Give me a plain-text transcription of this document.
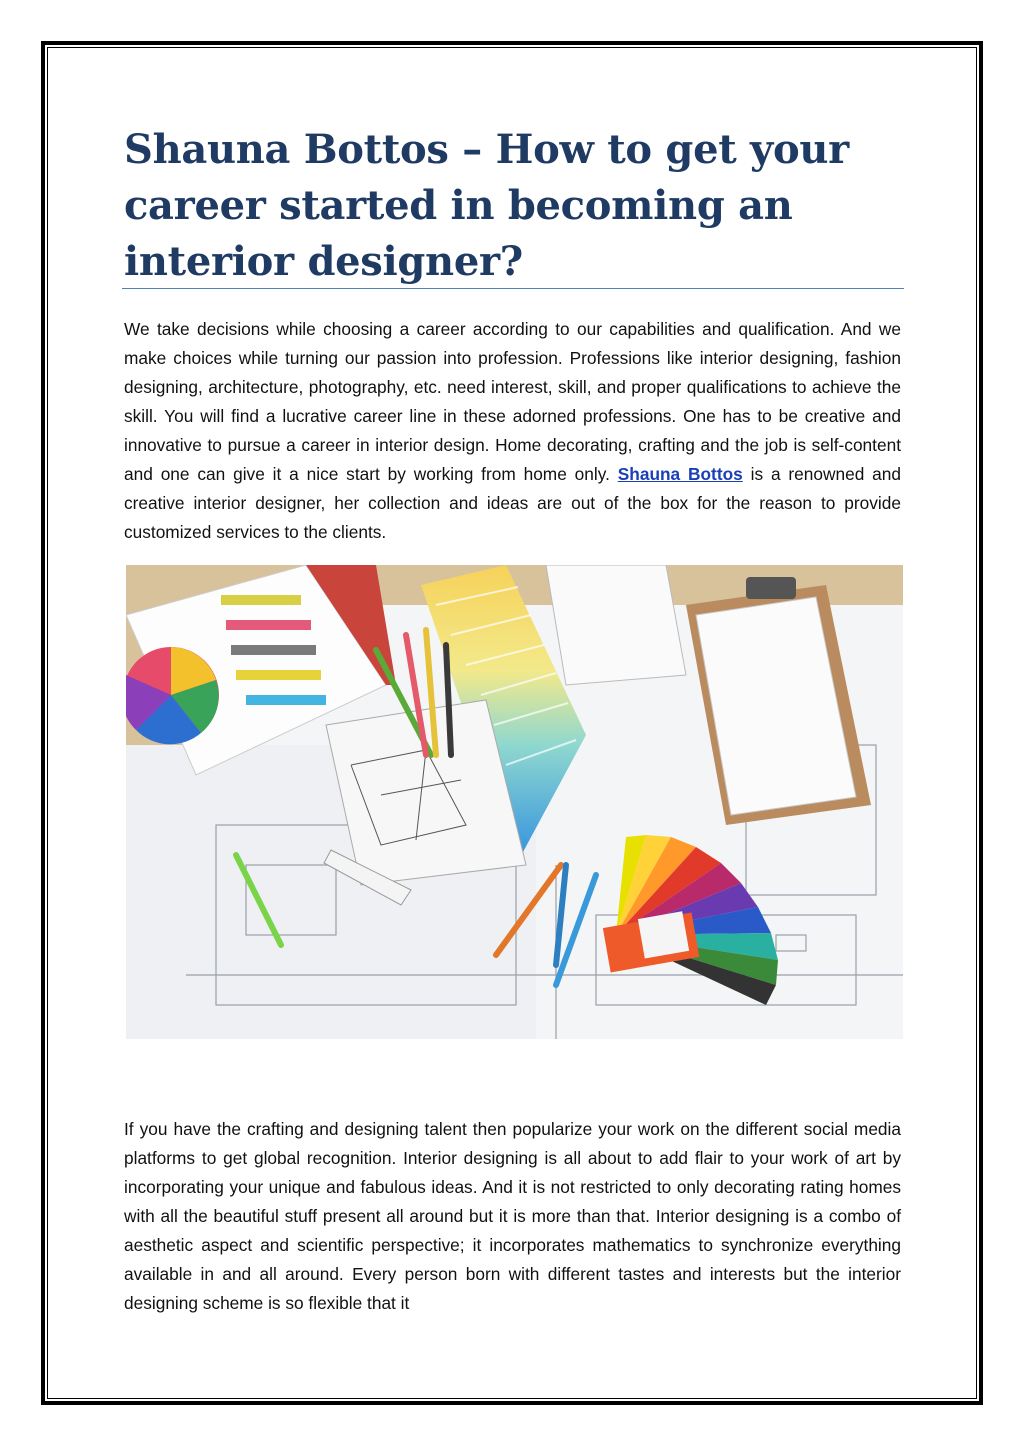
Shauna Bottos – How to get your career started in becoming an interior designer?

We take decisions while choosing a career according to our capabilities and qualification. And we make choices while turning our passion into profession. Professions like interior designing, fashion designing, architecture, photography, etc. need interest, skill, and proper qualifications to achieve the skill. You will find a lucrative career line in these adorned professions. One has to be creative and innovative to pursue a career in interior design. Home decorating, crafting and the job is self-content and one can give it a nice start by working from home only. Shauna Bottos is a renowned and creative interior designer, her collection and ideas are out of the box for the reason to provide customized services to the clients.

If you have the crafting and designing talent then popularize your work on the different social media platforms to get global recognition. Interior designing is all about to add flair to your work of art by incorporating your unique and fabulous ideas. And it is not restricted to only decorating rating homes with all the beautiful stuff present all around but it is more than that. Interior designing is a combo of aesthetic aspect and scientific perspective; it incorporates mathematics to synchronize everything available in and all around. Every person born with different tastes and interests but the interior designing scheme is so flexible that it
